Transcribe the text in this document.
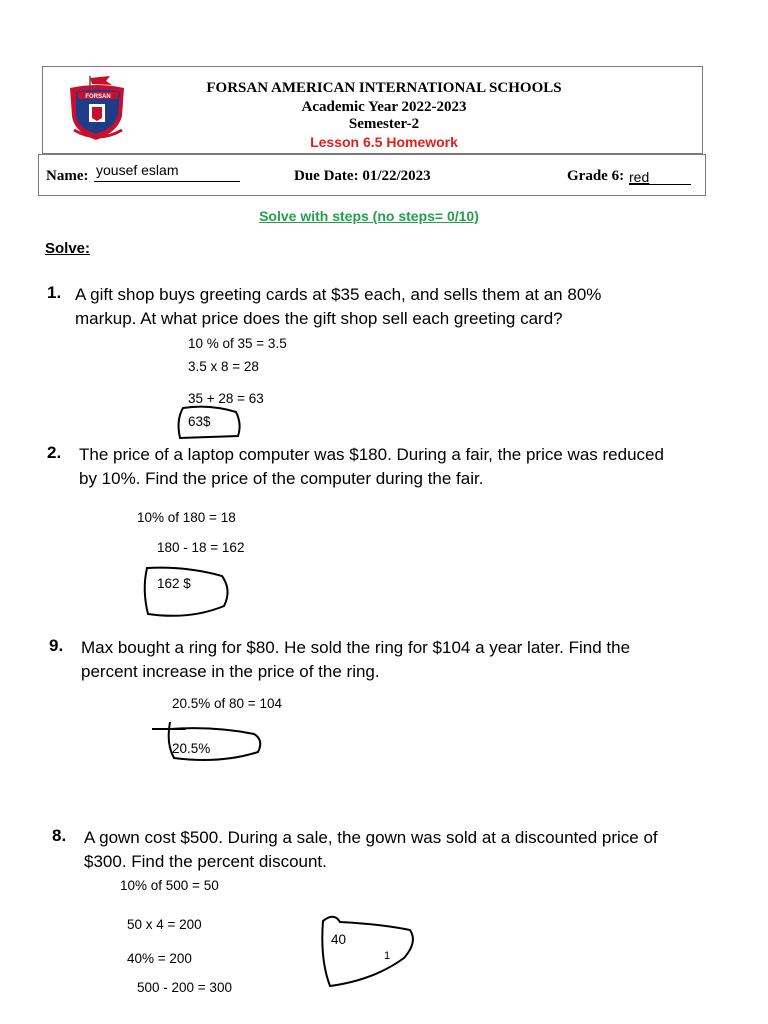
FORSAN
FORSAN AMERICAN INTERNATIONAL SCHOOLS
Academic Year 2022-2023
Semester-2
Lesson 6.5 Homework
Name: yousef eslam	Due Date: 01/22/2023	Grade 6: red
Solve with steps (no steps= 0/10)
Solve:
1. A gift shop buys greeting cards at $35 each, and sells them at an 80%
markup. At what price does the gift shop sell each greeting card?
10 % of 35 = 3.5
3.5 x 8 = 28
35 + 28 = 63
63$
2. The price of a laptop computer was $180. During a fair, the price was reduced
by 10%. Find the price of the computer during the fair.
10% of 180 = 18
180 - 18 = 162
162 $
9. Max bought a ring for $80. He sold the ring for $104 a year later. Find the
percent increase in the price of the ring.
20.5% of 80 = 104
20.5%
8. A gown cost $500. During a sale, the gown was sold at a discounted price of
$300. Find the percent discount.
10% of 500 = 50
50 x 4 = 200
40% = 200
500 - 200 = 300
40
1
